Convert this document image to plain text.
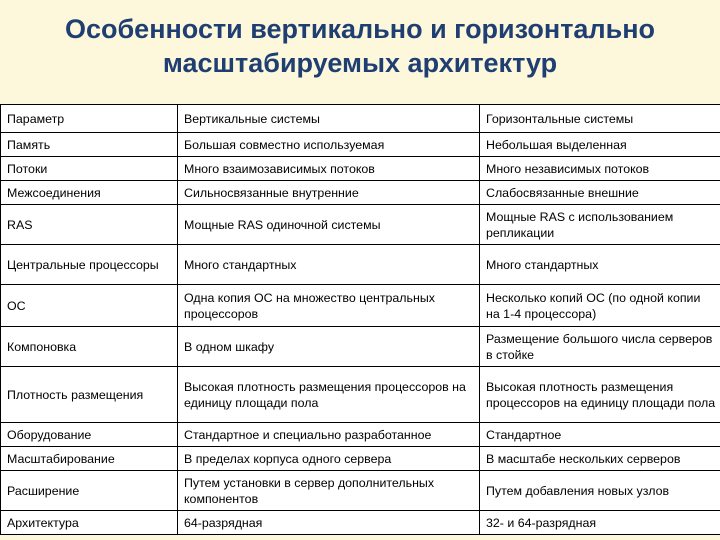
Особенности вертикально и горизонтально
масштабируемых архитектур
Параметр	Вертикальные системы	Горизонтальные системы
Память	Большая совместно используемая	Небольшая выделенная
Потоки	Много взаимозависимых потоков	Много независимых потоков
Межсоединения	Сильносвязанные внутренние	Слабосвязанные внешние
RAS	Мощные RAS одиночной системы	Мощные RAS с использованием репликации
Центральные процессоры	Много стандартных	Много стандартных
ОС	Одна копия ОС на множество центральных процессоров	Несколько копий ОС (по одной копии на 1-4 процессора)
Компоновка	В одном шкафу	Размещение большого числа серверов в стойке
Плотность размещения	Высокая плотность размещения процессоров на единицу площади пола	Высокая плотность размещения процессоров на единицу площади пола
Оборудование	Стандартное и специально разработанное	Стандартное
Масштабирование	В пределах корпуса одного сервера	В масштабе нескольких серверов
Расширение	Путем установки в сервер дополнительных компонентов	Путем добавления новых узлов
Архитектура	64-разрядная	32- и 64-разрядная
